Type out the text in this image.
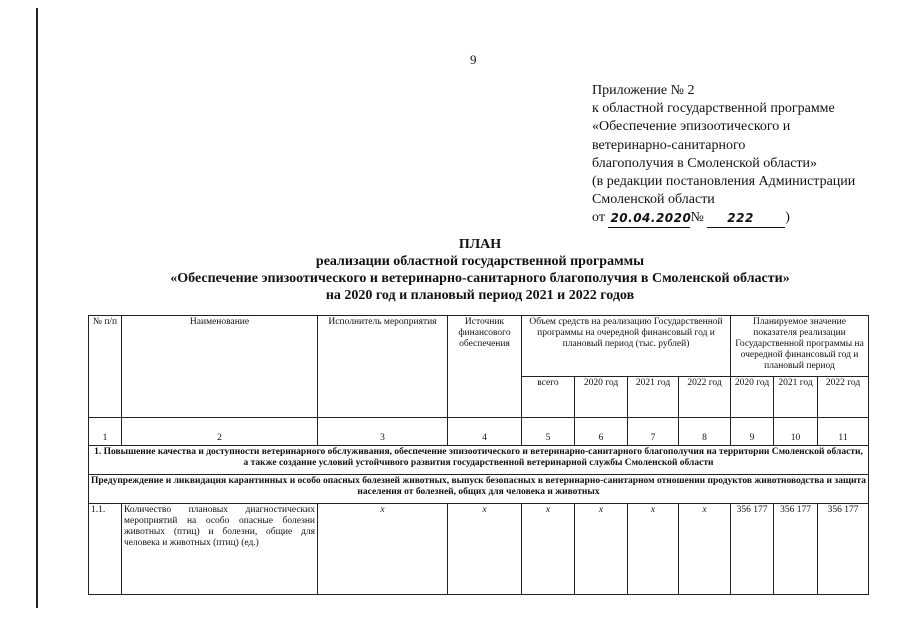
9
Приложение № 2
к областной государственной программе
«Обеспечение эпизоотического и
ветеринарно-санитарного
благополучия в Смоленской области»
(в редакции постановления Администрации
Смоленской области
от 20.04.2020 № 222 )
ПЛАН
реализации областной государственной программы
«Обеспечение эпизоотического и ветеринарно-санитарного благополучия в Смоленской области»
на 2020 год и плановый период 2021 и 2022 годов
№ п/п	Наименование	Исполнитель мероприятия	Источник финансового обеспечения	Объем средств на реализацию Государственной программы на очередной финансовый год и плановый период (тыс. рублей)				Планируемое значение показателя реализации Государственной программы на очередной финансовый год и плановый период		
				всего	2020 год	2021 год	2022 год	2020 год	2021 год	2022 год
1	2	3	4	5	6	7	8	9	10	11
1. Повышение качества и доступности ветеринарного обслуживания, обеспечение эпизоотического и ветеринарно-санитарного благополучия на территории Смоленской области, а также создание условий устойчивого развития государственной ветеринарной службы Смоленской области										
Предупреждение и ликвидация карантинных и особо опасных болезней животных, выпуск безопасных в ветеринарно-санитарном отношении продуктов животноводства и защита населения от болезней, общих для человека и животных										
1.1.	Количество плановых диагностических мероприятий на особо опасные болезни животных (птиц) и болезни, общие для человека и животных (птиц) (ед.)	х	х	х	х	х	х	356 177	356 177	356 177
